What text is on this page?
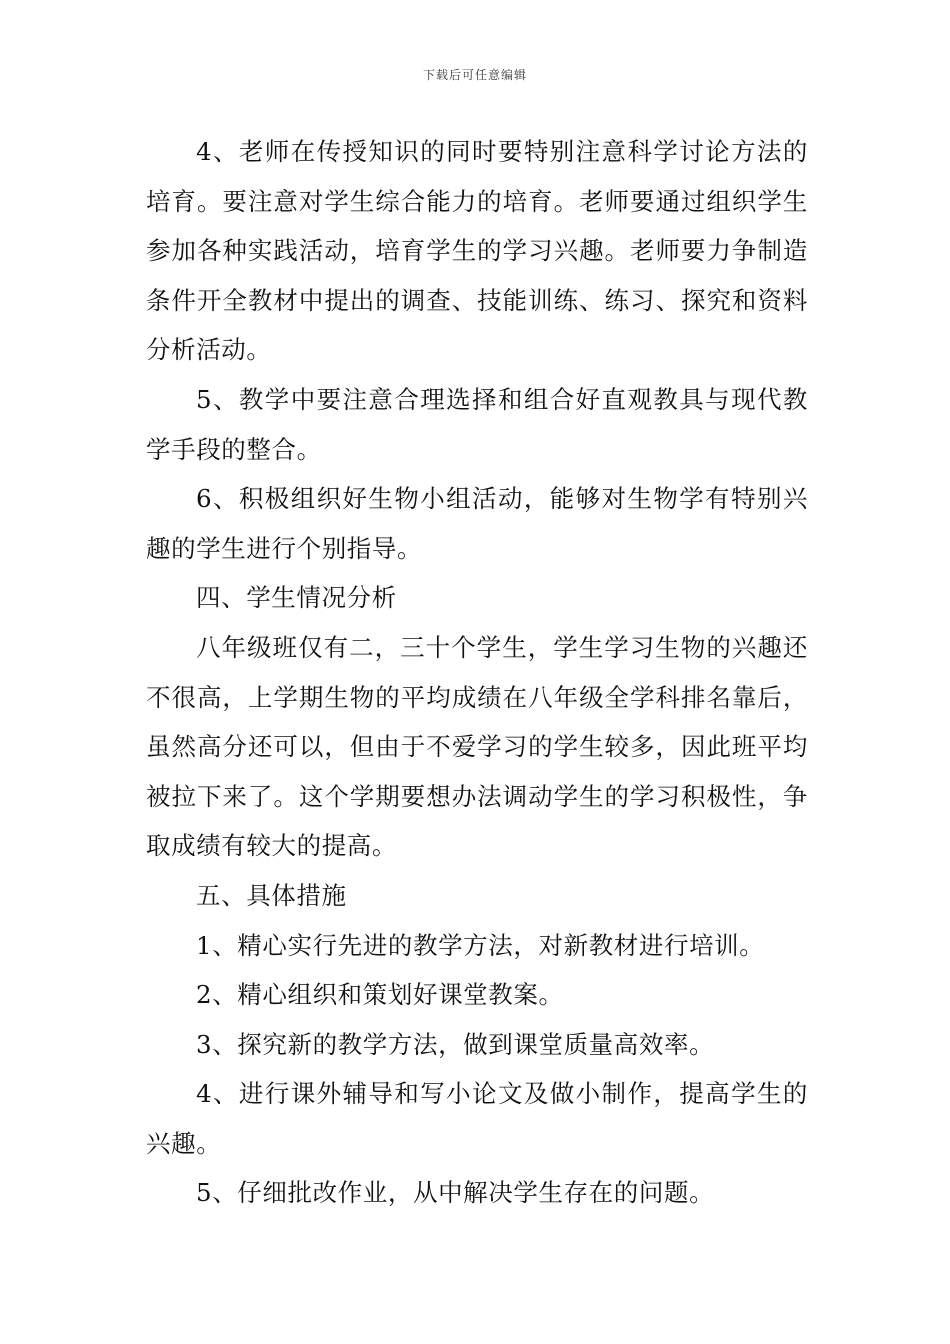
下载后可任意编辑

4、老师在传授知识的同时要特别注意科学讨论方法的培育。要注意对学生综合能力的培育。老师要通过组织学生参加各种实践活动，培育学生的学习兴趣。老师要力争制造条件开全教材中提出的调查、技能训练、练习、探究和资料分析活动。

5、教学中要注意合理选择和组合好直观教具与现代教学手段的整合。

6、积极组织好生物小组活动，能够对生物学有特别兴趣的学生进行个别指导。

四、学生情况分析

八年级班仅有二，三十个学生，学生学习生物的兴趣还不很高，上学期生物的平均成绩在八年级全学科排名靠后，虽然高分还可以，但由于不爱学习的学生较多，因此班平均被拉下来了。这个学期要想办法调动学生的学习积极性，争取成绩有较大的提高。

五、具体措施

1、精心实行先进的教学方法，对新教材进行培训。

2、精心组织和策划好课堂教案。

3、探究新的教学方法，做到课堂质量高效率。

4、进行课外辅导和写小论文及做小制作，提高学生的兴趣。

5、仔细批改作业，从中解决学生存在的问题。
